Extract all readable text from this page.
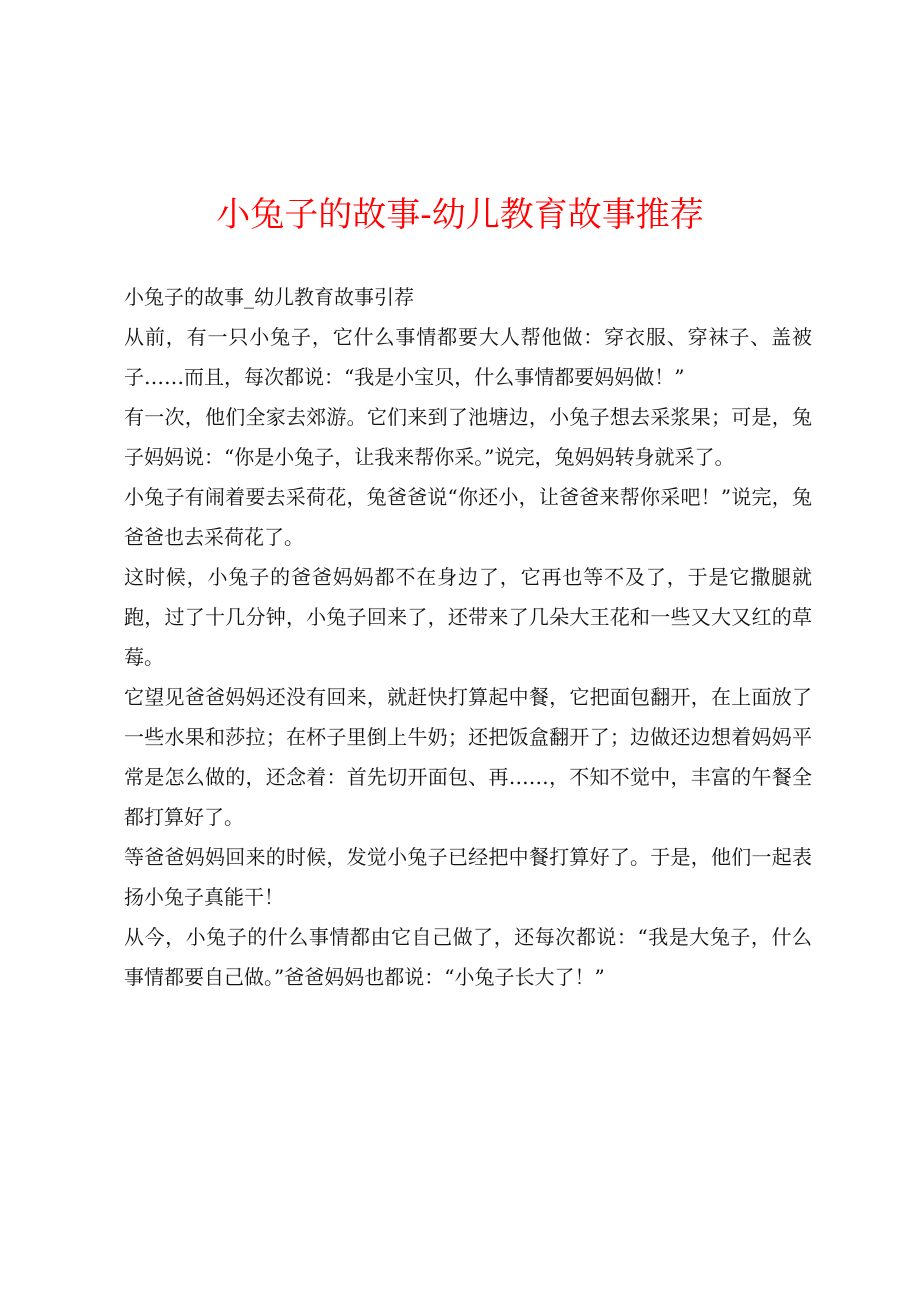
小兔子的故事-幼儿教育故事推荐

小兔子的故事_幼儿教育故事引荐

从前，有一只小兔子，它什么事情都要大人帮他做：穿衣服、穿袜子、盖被子……而且，每次都说：“我是小宝贝，什么事情都要妈妈做！”

有一次，他们全家去郊游。它们来到了池塘边，小兔子想去采浆果；可是，兔子妈妈说：“你是小兔子，让我来帮你采。”说完，兔妈妈转身就采了。

小兔子有闹着要去采荷花，兔爸爸说“你还小，让爸爸来帮你采吧！”说完，兔爸爸也去采荷花了。

这时候，小兔子的爸爸妈妈都不在身边了，它再也等不及了，于是它撒腿就跑，过了十几分钟，小兔子回来了，还带来了几朵大王花和一些又大又红的草莓。

它望见爸爸妈妈还没有回来，就赶快打算起中餐，它把面包翻开，在上面放了一些水果和莎拉；在杯子里倒上牛奶；还把饭盒翻开了；边做还边想着妈妈平常是怎么做的，还念着：首先切开面包、再……，不知不觉中，丰富的午餐全都打算好了。

等爸爸妈妈回来的时候，发觉小兔子已经把中餐打算好了。于是，他们一起表扬小兔子真能干！

从今，小兔子的什么事情都由它自己做了，还每次都说：“我是大兔子，什么事情都要自己做。”爸爸妈妈也都说：“小兔子长大了！”
